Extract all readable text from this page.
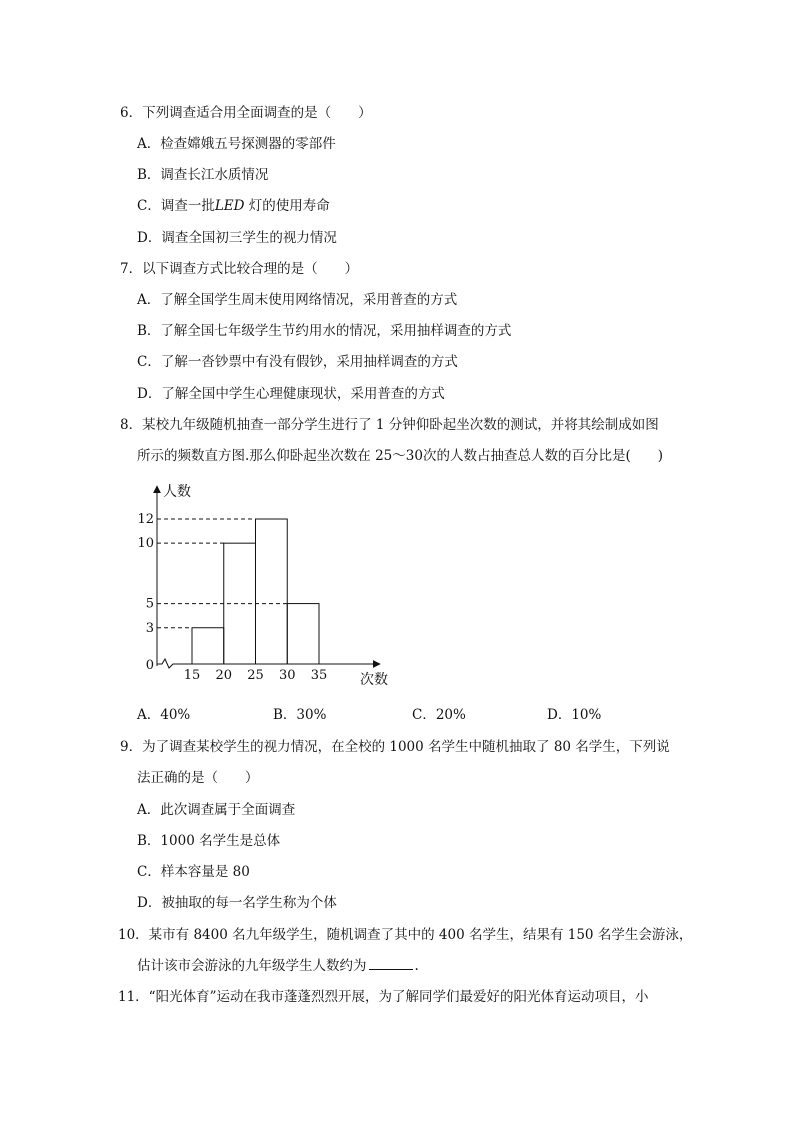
6．下列调查适合用全面调查的是（　　）
A．检查嫦娥五号探测器的零部件
B．调查长江水质情况
C．调查一批LED 灯的使用寿命
D．调查全国初三学生的视力情况
7．以下调查方式比较合理的是（　　）
A．了解全国学生周末使用网络情况，采用普查的方式
B．了解全国七年级学生节约用水的情况，采用抽样调查的方式
C．了解一沓钞票中有没有假钞，采用抽样调查的方式
D．了解全国中学生心理健康现状，采用普查的方式
8．某校九年级随机抽查一部分学生进行了 1 分钟仰卧起坐次数的测试，并将其绘制成如图
所示的频数直方图.那么仰卧起坐次数在 25～30次的人数占抽查总人数的百分比是(　　)
3
5
10
12
0
15 20 25 30 35
人数
次数
A．40%	B．30%	C．20%	D．10%
9．为了调查某校学生的视力情况，在全校的 1000 名学生中随机抽取了 80 名学生，下列说
法正确的是（　　）
A．此次调查属于全面调查
B．1000 名学生是总体
C．样本容量是 80
D．被抽取的每一名学生称为个体
10．某市有 8400 名九年级学生，随机调查了其中的 400 名学生，结果有 150 名学生会游泳，
估计该市会游泳的九年级学生人数约为	.
11．“阳光体育”运动在我市蓬蓬烈烈开展，为了解同学们最爱好的阳光体育运动项目，小
